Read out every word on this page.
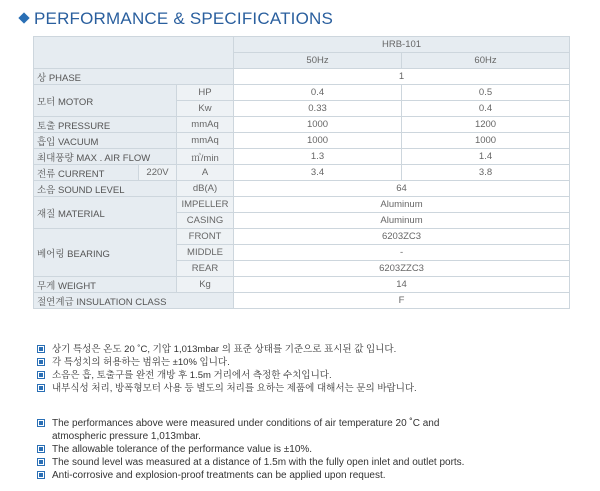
PERFORMANCE & SPECIFICATIONS
			HRB-101	
			50Hz	60Hz
상 PHASE			1	
모터 MOTOR		HP	0.4	0.5
		Kw	0.33	0.4
토출 PRESSURE		mmAq	1000	1200
흡입 VACUUM		mmAq	1000	1000
최대풍량 MAX . AIR FLOW		㎥/min	1.3	1.4
전류 CURRENT	220V	A	3.4	3.8
소음 SOUND LEVEL		dB(A)	64	
재질 MATERIAL		IMPELLER	Aluminum	
		CASING	Aluminum	
베어링 BEARING		FRONT	6203ZC3	
		MIDDLE	-	
		REAR	6203ZZC3	
무게 WEIGHT		Kg	14	
절연계급 INSULATION CLASS			F	
상기 특성은 온도 20 ˚C, 기압 1,013mbar 의 표준 상태를 기준으로 표시된 값 입니다.
각 특성치의 허용하는 범위는 ±10% 입니다.
소음은 흡, 토출구를 완전 개방 후 1.5m 거리에서 측정한 수치입니다.
내부식성 처리, 방폭형모터 사용 등 별도의 처리를 요하는 제품에 대해서는 문의 바랍니다.
The performances above were measured under conditions of air temperature 20 ˚C and
atmospheric pressure 1,013mbar.
The allowable tolerance of the performance value is ±10%.
The sound level was measured at a distance of 1.5m with the fully open inlet and outlet ports.
Anti-corrosive and explosion-proof treatments can be applied upon request.
